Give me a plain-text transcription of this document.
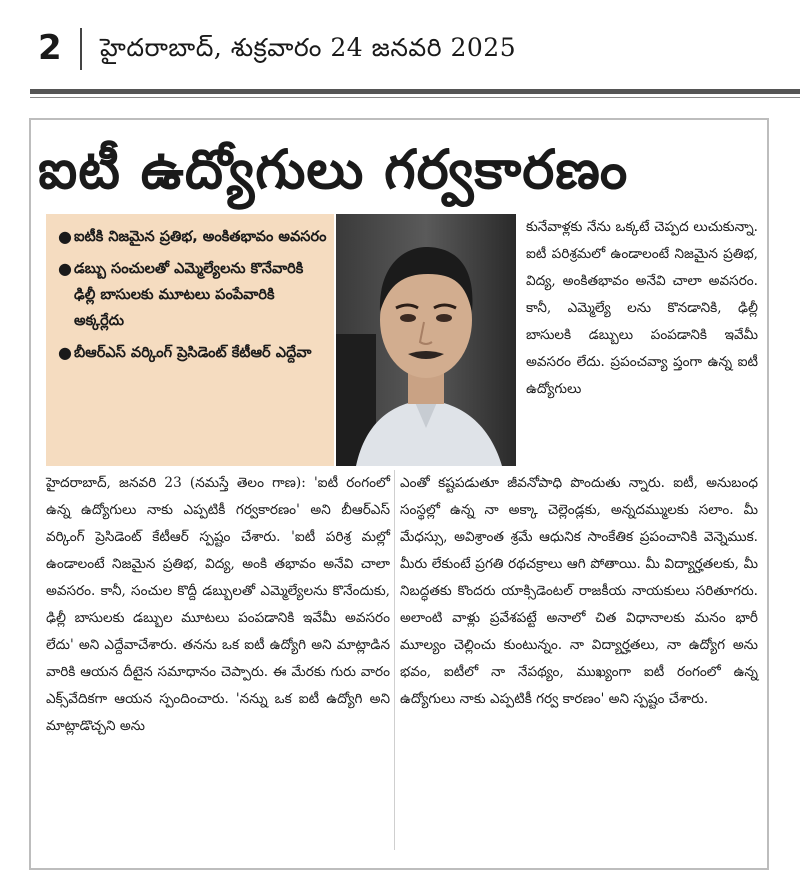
2 హైదరాబాద్, శుక్రవారం 24 జనవరి 2025
ఐటీ ఉద్యోగులు గర్వకారణం
● ఐటీకి నిజమైన ప్రతిభ, అంకితభావం అవసరం
● డబ్బు సంచులతో ఎమ్మెల్యేలను కొనేవారికి ఢిల్లీ బాసులకు మూటలు పంపేవారికి అక్కర్లేదు
● బీఆర్ఎస్ వర్కింగ్ ప్రెసిడెంట్ కేటీఆర్ ఎద్దేవా

కునేవాళ్లకు నేను ఒక్కటే చెప్పద లుచుకున్నా. ఐటీ పరిశ్రమలో ఉండాలంటే నిజమైన ప్రతిభ, విద్య, అంకితభావం అనేవి చాలా అవసరం. కానీ, ఎమ్మెల్యే లను కొనడానికి, ఢిల్లీ బాసులకి డబ్బులు పంపడానికి ఇవేమీ అవసరం లేదు. ప్రపంచవ్యా ప్తంగా ఉన్న ఐటీ ఉద్యోగులు

హైదరాబాద్, జనవరి 23 (నమస్తే తెలం గాణ): 'ఐటీ రంగంలో ఉన్న ఉద్యోగులు నాకు ఎప్పటికీ గర్వకారణం' అని బీఆర్ఎస్ వర్కింగ్ ప్రెసిడెంట్ కేటీఆర్ స్పష్టం చేశారు. 'ఐటీ పరిశ్ర మల్లో ఉండాలంటే నిజమైన ప్రతిభ, విద్య, అంకి తభావం అనేవి చాలా అవసరం. కానీ, సంచుల కొద్దీ డబ్బులతో ఎమ్మెల్యేలను కొనేందుకు, ఢిల్లీ బాసులకు డబ్బుల మూటలు పంపడానికి ఇవేమీ అవసరం లేదు' అని ఎద్దేవాచేశారు. తనను ఒక ఐటీ ఉద్యోగి అని మాట్లాడిన వారికి ఆయన దీటైన సమాధానం చెప్పారు. ఈ మేరకు గురు వారం ఎక్స్‌వేదికగా ఆయన స్పందించారు. 'నన్ను ఒక ఐటీ ఉద్యోగి అని మాట్లాడొచ్చని అను

ఎంతో కష్టపడుతూ జీవనోపాధి పొందుతు న్నారు. ఐటీ, అనుబంధ సంస్థల్లో ఉన్న నా అక్కా చెల్లెండ్లకు, అన్నదమ్ములకు సలాం. మీ మేధస్సు, అవిశ్రాంత శ్రమే ఆధునిక సాంకేతిక ప్రపంచానికి వెన్నెముక. మీరు లేకుంటే ప్రగతి రథచక్రాలు ఆగి పోతాయి. మీ విద్యార్హతలకు, మీ నిబద్ధతకు కొందరు యాక్సిడెంటల్ రాజకీయ నాయకులు సరితూగరు. అలాంటి వాళ్లు ప్రవేశపట్టే అనాలో చిత విధానాలకు మనం భారీ మూల్యం చెల్లించు కుంటున్నం. నా విద్యార్హతలు, నా ఉద్యోగ అను భవం, ఐటీలో నా నేపథ్యం, ముఖ్యంగా ఐటీ రంగంలో ఉన్న ఉద్యోగులు నాకు ఎప్పటికీ గర్వ కారణం' అని స్పష్టం చేశారు.
